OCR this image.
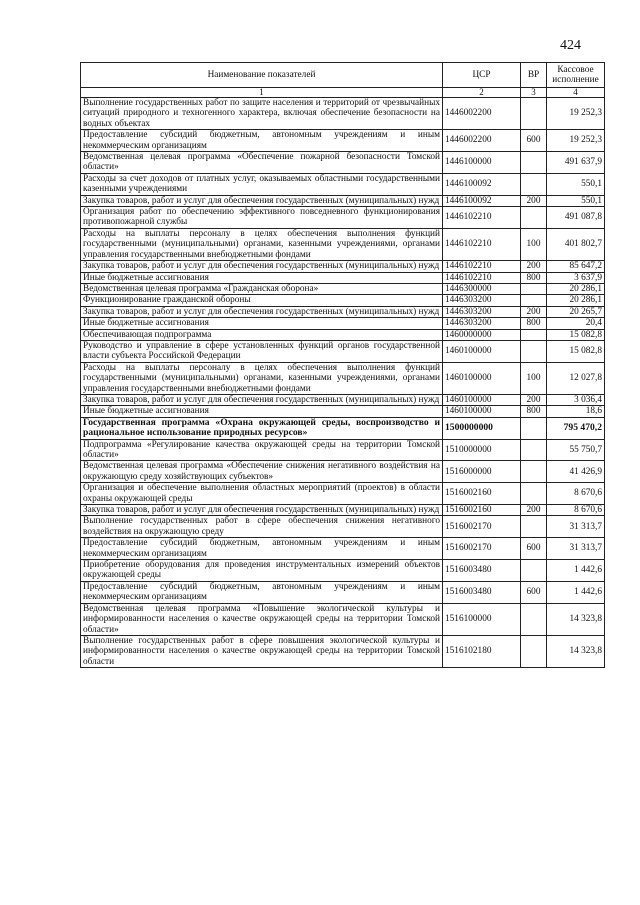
424
Наименование показателей	ЦСР	ВР	Кассовое исполнение
1	2	3	4
Выполнение государственных работ по защите населения и территорий от чрезвычайных ситуаций природного и техногенного характера, включая обеспечение безопасности на водных объектах	1446002200		19 252,3
Предоставление субсидий бюджетным, автономным учреждениям и иным некоммерческим организациям	1446002200	600	19 252,3
Ведомственная целевая программа «Обеспечение пожарной безопасности Томской области»	1446100000		491 637,9
Расходы за счет доходов от платных услуг, оказываемых областными государственными казенными учреждениями	1446100092		550,1
Закупка товаров, работ и услуг для обеспечения государственных (муниципальных) нужд	1446100092	200	550,1
Организация работ по обеспечению эффективного повседневного функционирования противопожарной службы	1446102210		491 087,8
Расходы на выплаты персоналу в целях обеспечения выполнения функций государственными (муниципальными) органами, казенными учреждениями, органами управления государственными внебюджетными фондами	1446102210	100	401 802,7
Закупка товаров, работ и услуг для обеспечения государственных (муниципальных) нужд	1446102210	200	85 647,2
Иные бюджетные ассигнования	1446102210	800	3 637,9
Ведомственная целевая программа «Гражданская оборона»	1446300000		20 286,1
Функционирование гражданской обороны	1446303200		20 286,1
Закупка товаров, работ и услуг для обеспечения государственных (муниципальных) нужд	1446303200	200	20 265,7
Иные бюджетные ассигнования	1446303200	800	20,4
Обеспечивающая подпрограмма	1460000000		15 082,8
Руководство и управление в сфере установленных функций органов государственной власти субъекта Российской Федерации	1460100000		15 082,8
Расходы на выплаты персоналу в целях обеспечения выполнения функций государственными (муниципальными) органами, казенными учреждениями, органами управления государственными внебюджетными фондами	1460100000	100	12 027,8
Закупка товаров, работ и услуг для обеспечения государственных (муниципальных) нужд	1460100000	200	3 036,4
Иные бюджетные ассигнования	1460100000	800	18,6
Государственная программа «Охрана окружающей среды, воспроизводство и рациональное использование природных ресурсов»	1500000000		795 470,2
Подпрограмма «Регулирование качества окружающей среды на территории Томской области»	1510000000		55 750,7
Ведомственная целевая программа «Обеспечение снижения негативного воздействия на окружающую среду хозяйствующих субъектов»	1516000000		41 426,9
Организация и обеспечение выполнения областных мероприятий (проектов) в области охраны окружающей среды	1516002160		8 670,6
Закупка товаров, работ и услуг для обеспечения государственных (муниципальных) нужд	1516002160	200	8 670,6
Выполнение государственных работ в сфере обеспечения снижения негативного воздействия на окружающую среду	1516002170		31 313,7
Предоставление субсидий бюджетным, автономным учреждениям и иным некоммерческим организациям	1516002170	600	31 313,7
Приобретение оборудования для проведения инструментальных измерений объектов окружающей среды	1516003480		1 442,6
Предоставление субсидий бюджетным, автономным учреждениям и иным некоммерческим организациям	1516003480	600	1 442,6
Ведомственная целевая программа «Повышение экологической культуры и информированности населения о качестве окружающей среды на территории Томской области»	1516100000		14 323,8
Выполнение государственных работ в сфере повышения экологической культуры и информированности населения о качестве окружающей среды на территории Томской области	1516102180		14 323,8
